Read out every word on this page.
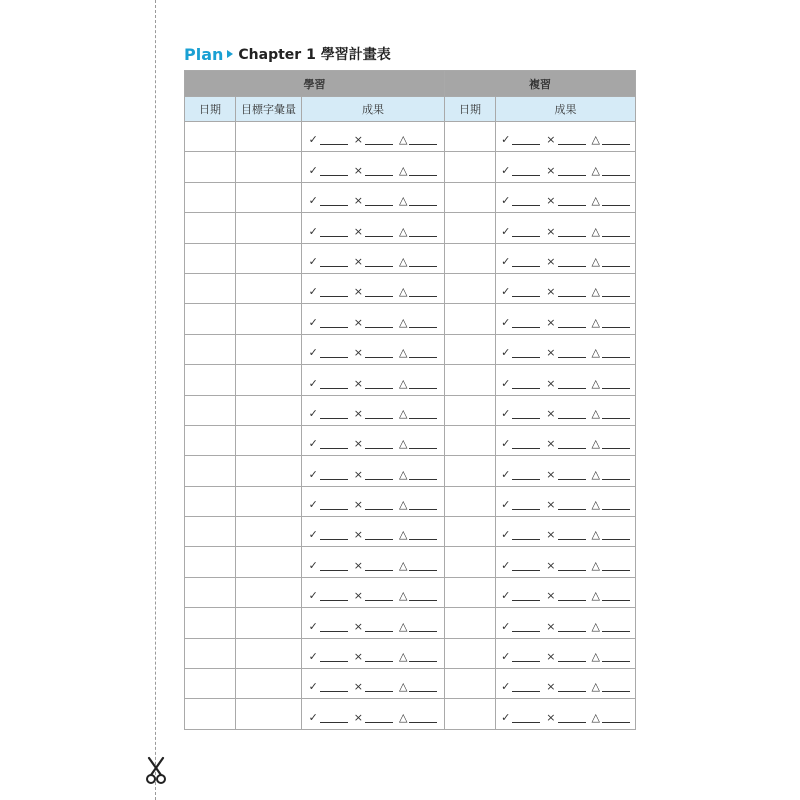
Plan Chapter 1 學習計畫表
學習			複習	
日期	目標字彙量	成果	日期	成果

		✓ × △		✓ × △

		✓ × △		✓ × △

		✓ × △		✓ × △

		✓ × △		✓ × △

		✓ × △		✓ × △

		✓ × △		✓ × △

		✓ × △		✓ × △

		✓ × △		✓ × △

		✓ × △		✓ × △

		✓ × △		✓ × △

		✓ × △		✓ × △

		✓ × △		✓ × △

		✓ × △		✓ × △

		✓ × △		✓ × △

		✓ × △		✓ × △

		✓ × △		✓ × △

		✓ × △		✓ × △

		✓ × △		✓ × △

		✓ × △		✓ × △

		✓ × △		✓ × △
